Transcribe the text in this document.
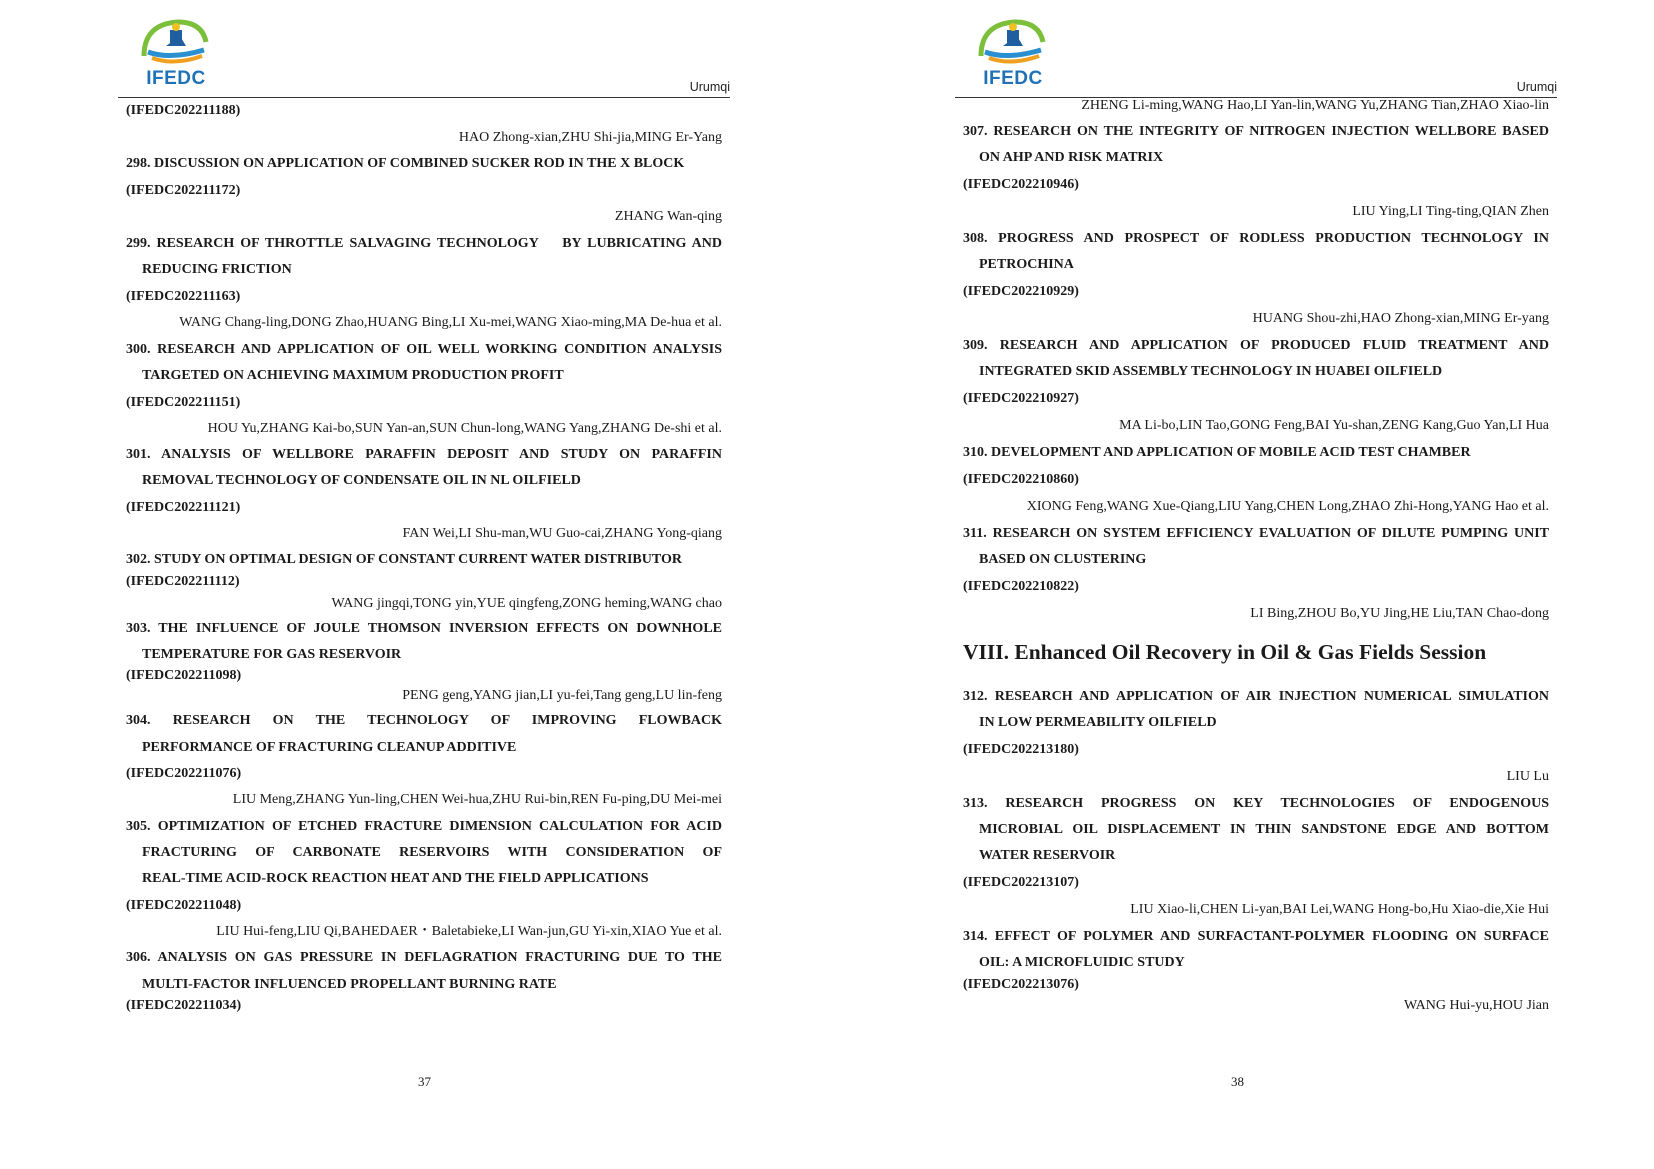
IFEDC	Urumqi
(IFEDC202211188)
HAO Zhong-xian,ZHU Shi-jia,MING Er-Yang
298. DISCUSSION ON APPLICATION OF COMBINED SUCKER ROD IN THE X BLOCK
(IFEDC202211172)
ZHANG Wan-qing
299. RESEARCH OF THROTTLE SALVAGING TECHNOLOGY    BY LUBRICATING AND
REDUCING FRICTION
(IFEDC202211163)
WANG Chang-ling,DONG Zhao,HUANG Bing,LI Xu-mei,WANG Xiao-ming,MA De-hua et al.
300. RESEARCH AND APPLICATION OF OIL WELL WORKING CONDITION ANALYSIS
TARGETED ON ACHIEVING MAXIMUM PRODUCTION PROFIT
(IFEDC202211151)
HOU Yu,ZHANG Kai-bo,SUN Yan-an,SUN Chun-long,WANG Yang,ZHANG De-shi et al.
301. ANALYSIS OF WELLBORE PARAFFIN DEPOSIT AND STUDY ON PARAFFIN
REMOVAL TECHNOLOGY OF CONDENSATE OIL IN NL OILFIELD
(IFEDC202211121)
FAN Wei,LI Shu-man,WU Guo-cai,ZHANG Yong-qiang
302. STUDY ON OPTIMAL DESIGN OF CONSTANT CURRENT WATER DISTRIBUTOR
(IFEDC202211112)
WANG jingqi,TONG yin,YUE qingfeng,ZONG heming,WANG chao
303. THE INFLUENCE OF JOULE THOMSON INVERSION EFFECTS ON DOWNHOLE
TEMPERATURE FOR GAS RESERVOIR
(IFEDC202211098)
PENG geng,YANG jian,LI yu-fei,Tang geng,LU lin-feng
304. RESEARCH ON THE TECHNOLOGY OF IMPROVING FLOWBACK
PERFORMANCE OF FRACTURING CLEANUP ADDITIVE
(IFEDC202211076)
LIU Meng,ZHANG Yun-ling,CHEN Wei-hua,ZHU Rui-bin,REN Fu-ping,DU Mei-mei
305. OPTIMIZATION OF ETCHED FRACTURE DIMENSION CALCULATION FOR ACID
FRACTURING OF CARBONATE RESERVOIRS WITH CONSIDERATION OF
REAL-TIME ACID-ROCK REACTION HEAT AND THE FIELD APPLICATIONS
(IFEDC202211048)
LIU Hui-feng,LIU Qi,BAHEDAER・Baletabieke,LI Wan-jun,GU Yi-xin,XIAO Yue et al.
306. ANALYSIS ON GAS PRESSURE IN DEFLAGRATION FRACTURING DUE TO THE
MULTI-FACTOR INFLUENCED PROPELLANT BURNING RATE
(IFEDC202211034)
37
IFEDC	Urumqi
ZHENG Li-ming,WANG Hao,LI Yan-lin,WANG Yu,ZHANG Tian,ZHAO Xiao-lin
307. RESEARCH ON THE INTEGRITY OF NITROGEN INJECTION WELLBORE BASED
ON AHP AND RISK MATRIX
(IFEDC202210946)
LIU Ying,LI Ting-ting,QIAN Zhen
308. PROGRESS AND PROSPECT OF RODLESS PRODUCTION TECHNOLOGY IN
PETROCHINA
(IFEDC202210929)
HUANG Shou-zhi,HAO Zhong-xian,MING Er-yang
309. RESEARCH AND APPLICATION OF PRODUCED FLUID TREATMENT AND
INTEGRATED SKID ASSEMBLY TECHNOLOGY IN HUABEI OILFIELD
(IFEDC202210927)
MA Li-bo,LIN Tao,GONG Feng,BAI Yu-shan,ZENG Kang,Guo Yan,LI Hua
310. DEVELOPMENT AND APPLICATION OF MOBILE ACID TEST CHAMBER
(IFEDC202210860)
XIONG Feng,WANG Xue-Qiang,LIU Yang,CHEN Long,ZHAO Zhi-Hong,YANG Hao et al.
311. RESEARCH ON SYSTEM EFFICIENCY EVALUATION OF DILUTE PUMPING UNIT
BASED ON CLUSTERING
(IFEDC202210822)
LI Bing,ZHOU Bo,YU Jing,HE Liu,TAN Chao-dong
VIII. Enhanced Oil Recovery in Oil & Gas Fields Session
312. RESEARCH AND APPLICATION OF AIR INJECTION NUMERICAL SIMULATION
IN LOW PERMEABILITY OILFIELD
(IFEDC202213180)
LIU Lu
313. RESEARCH PROGRESS ON KEY TECHNOLOGIES OF ENDOGENOUS
MICROBIAL OIL DISPLACEMENT IN THIN SANDSTONE EDGE AND BOTTOM
WATER RESERVOIR
(IFEDC202213107)
LIU Xiao-li,CHEN Li-yan,BAI Lei,WANG Hong-bo,Hu Xiao-die,Xie Hui
314. EFFECT OF POLYMER AND SURFACTANT-POLYMER FLOODING ON SURFACE
OIL: A MICROFLUIDIC STUDY
(IFEDC202213076)
WANG Hui-yu,HOU Jian
38
